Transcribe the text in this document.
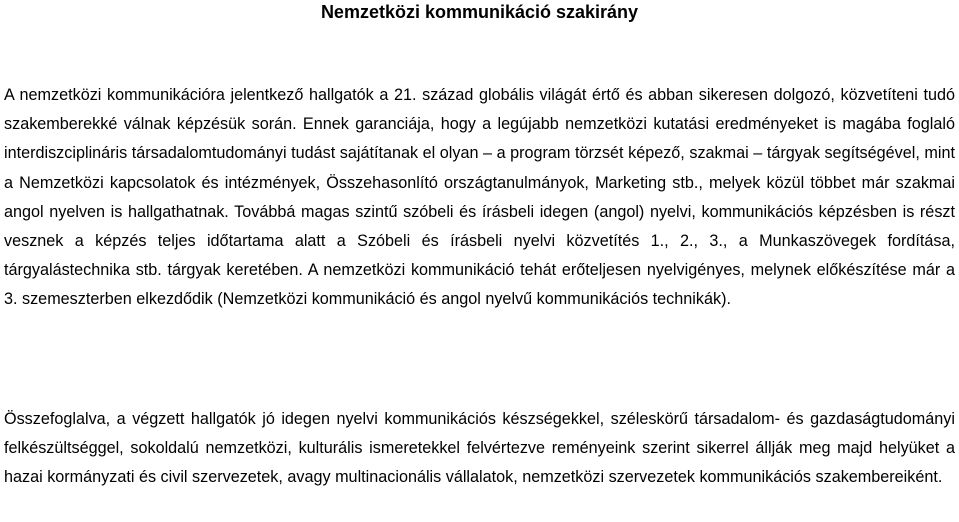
Nemzetközi kommunikáció szakirány

A nemzetközi kommunikációra jelentkező hallgatók a 21. század globális világát értő és abban sikeresen dolgozó, közvetíteni tudó szakemberekké válnak képzésük során. Ennek garanciája, hogy a legújabb nemzetközi kutatási eredményeket is magába foglaló interdiszciplináris társadalomtudományi tudást sajátítanak el olyan – a program törzsét képező, szakmai – tárgyak segítségével, mint a Nemzetközi kapcsolatok és intézmények, Összehasonlító országtanulmányok, Marketing stb., melyek közül többet már szakmai angol nyelven is hallgathatnak. Továbbá magas szintű szóbeli és írásbeli idegen (angol) nyelvi, kommunikációs képzésben is részt vesznek a képzés teljes időtartama alatt a Szóbeli és írásbeli nyelvi közvetítés 1., 2., 3., a Munkaszövegek fordítása, tárgyalástechnika stb. tárgyak keretében. A nemzetközi kommunikáció tehát erőteljesen nyelvigényes, melynek előkészítése már a 3. szemeszterben elkezdődik (Nemzetközi kommunikáció és angol nyelvű kommunikációs technikák).

Összefoglalva, a végzett hallgatók jó idegen nyelvi kommunikációs készségekkel, széleskörű társadalom- és gazdaságtudományi felkészültséggel, sokoldalú nemzetközi, kulturális ismeretekkel felvértezve reményeink szerint sikerrel állják meg majd helyüket a hazai kormányzati és civil szervezetek, avagy multinacionális vállalatok, nemzetközi szervezetek kommunikációs szakembereiként.
